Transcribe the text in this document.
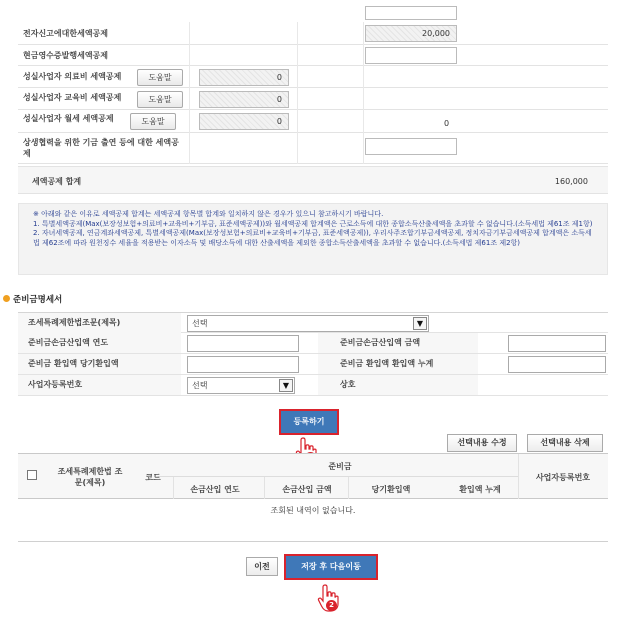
전자신고에대한세액공제	20,000
현금영수증발행세액공제
성실사업자 의료비 세액공제	도움말	0
성실사업자 교육비 세액공제	도움말	0
성실사업자 월세 세액공제	도움말	0	0
상생협력을 위한 기금 출연 등에 대한 세액공제
세액공제 합계	160,000
※ 아래와 같은 이유로 세액공제 합계는 세액공제 항목별 합계와 일치하지 않은 경우가 있으니 참고하시기 바랍니다.
1. 특별세액공제(Max(보장성보험+의료비+교육비+기부금, 표준세액공제))와 월세액공제 합계액은 근로소득에 대한 종합소득산출세액을 초과할 수 없습니다.(소득세법 제61조 제1항)
2. 자녀세액공제, 연금계좌세액공제, 특별세액공제(Max(보장성보험+의료비+교육비+기부금, 표준세액공제)), 우리사주조합기부금세액공제, 정치자금기부금세액공제 합계액은 소득세법 제62조에 따라 원천징수 세율을 적용받는 이자소득 및 배당소득에 대한 산출세액을 제외한 종합소득산출세액을 초과할 수 없습니다.(소득세법 제61조 제2항)
준비금명세서
조세특례제한법조문(제목)	선택	▼
준비금손금산입액 연도	준비금손금산입액 금액
준비금 환입액 당기환입액	준비금 환입액 환입액 누계
사업자등록번호	선택	▼	상호
등록하기
선택내용 수정	선택내용 삭제
조세특례제한법 조문(제목)
코드
준비금
손금산입 연도	손금산입 금액	당기환입액	환입액 누계
사업자등록번호
조회된 내역이 없습니다.
이전	저장 후 다음이동
2
